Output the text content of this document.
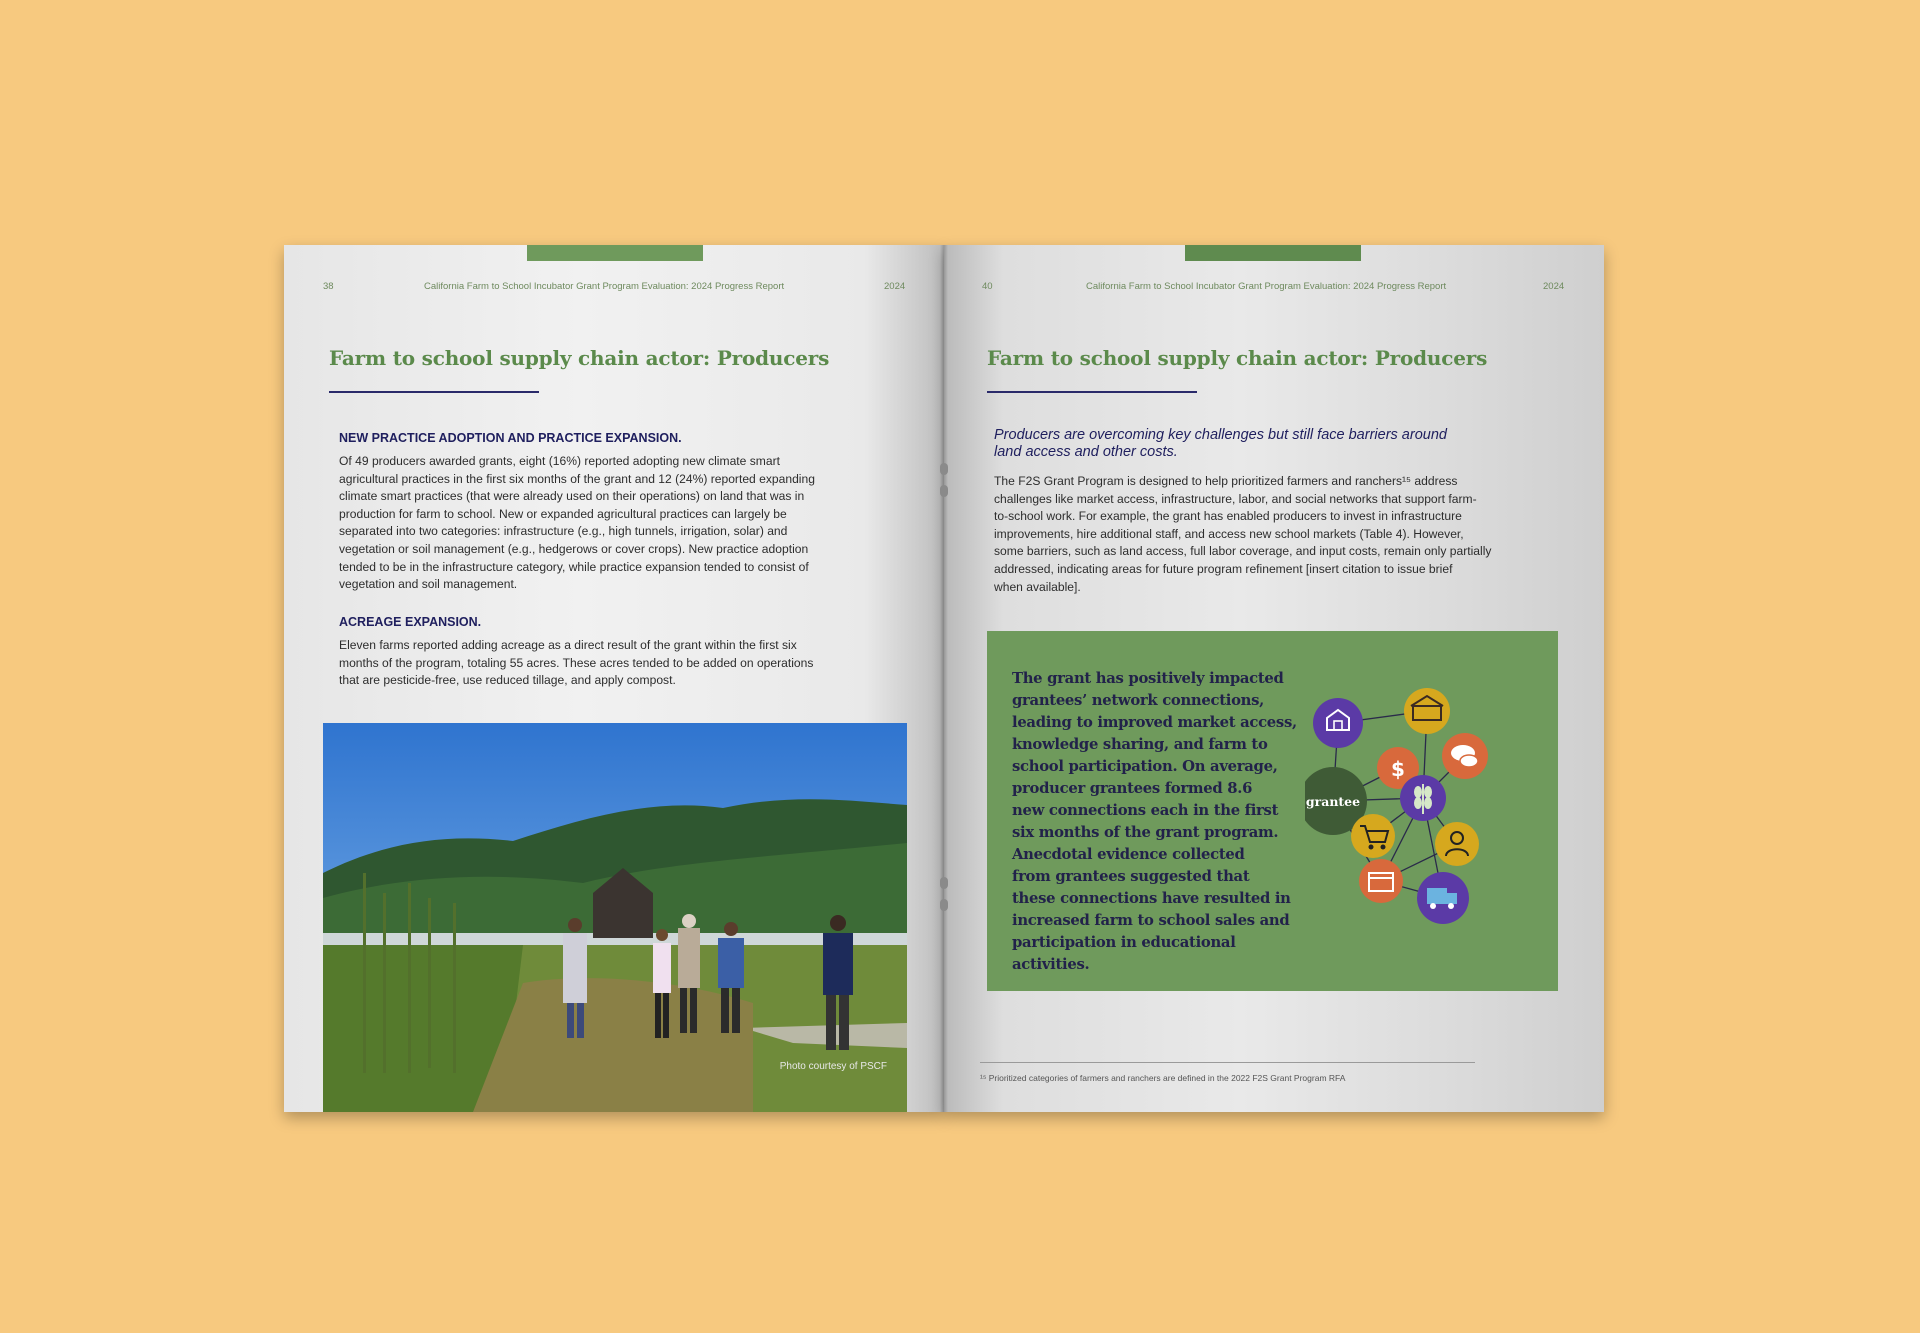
38	California Farm to School Incubator Grant Program Evaluation: 2024 Progress Report	2024
Farm to school supply chain actor: Producers
NEW PRACTICE ADOPTION AND PRACTICE EXPANSION.
Of 49 producers awarded grants, eight (16%) reported adopting new climate smart
agricultural practices in the first six months of the grant and 12 (24%) reported expanding
climate smart practices (that were already used on their operations) on land that was in
production for farm to school. New or expanded agricultural practices can largely be
separated into two categories: infrastructure (e.g., high tunnels, irrigation, solar) and
vegetation or soil management (e.g., hedgerows or cover crops). New practice adoption
tended to be in the infrastructure category, while practice expansion tended to consist of
vegetation and soil management.
ACREAGE EXPANSION.
Eleven farms reported adding acreage as a direct result of the grant within the first six
months of the program, totaling 55 acres. These acres tended to be added on operations
that are pesticide-free, use reduced tillage, and apply compost.
Photo courtesy of PSCF
40	California Farm to School Incubator Grant Program Evaluation: 2024 Progress Report	2024
Farm to school supply chain actor: Producers
Producers are overcoming key challenges but still face barriers around
land access and other costs.
The F2S Grant Program is designed to help prioritized farmers and ranchers¹⁵ address
challenges like market access, infrastructure, labor, and social networks that support farm-
to-school work. For example, the grant has enabled producers to invest in infrastructure
improvements, hire additional staff, and access new school markets (Table 4). However,
some barriers, such as land access, full labor coverage, and input costs, remain only partially
addressed, indicating areas for future program refinement [insert citation to issue brief
when available].
The grant has positively impacted
grantees’ network connections,
leading to improved market access,
knowledge sharing, and farm to
school participation. On average,
producer grantees formed 8.6
new connections each in the first
six months of the grant program.
Anecdotal evidence collected
from grantees suggested that
these connections have resulted in
increased farm to school sales and
participation in educational activities.
grantee
$
¹⁵ Prioritized categories of farmers and ranchers are defined in the 2022 F2S Grant Program RFA
